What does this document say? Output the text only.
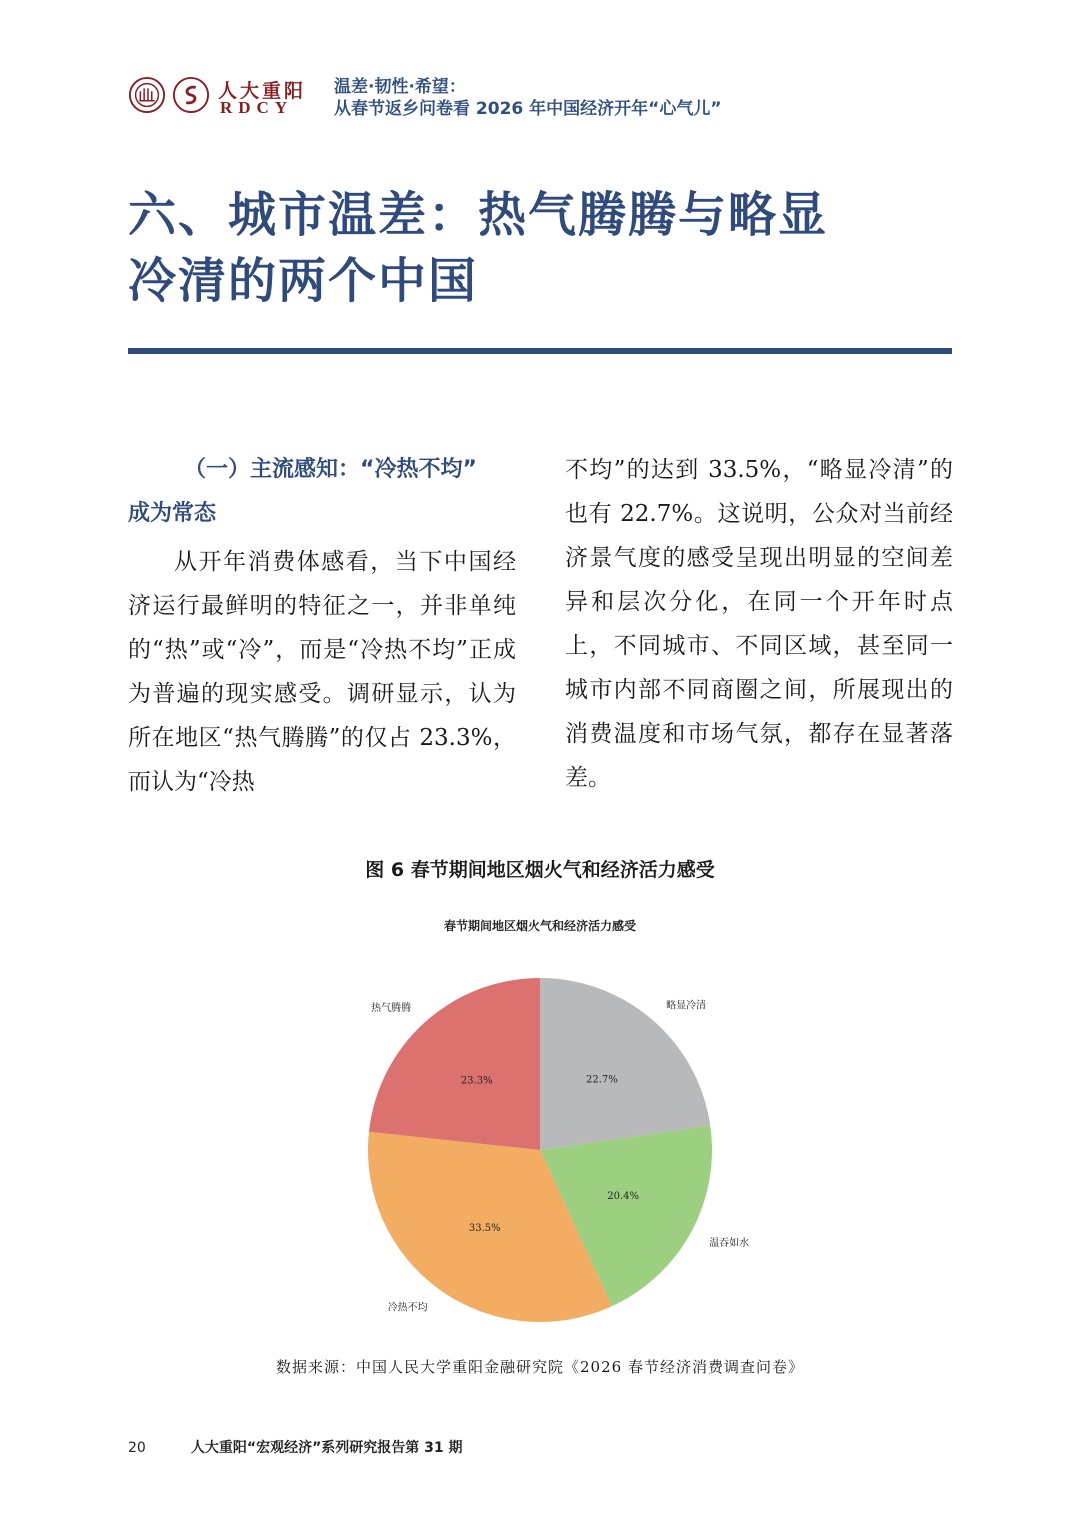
人大重阳
RDCY
温差·韧性·希望：
从春节返乡问卷看 2026 年中国经济开年“心气儿”
六、城市温差：热气腾腾与略显
冷清的两个中国
（一）主流感知：“冷热不均”
成为常态
从开年消费体感看，当下中国经济运行最鲜明的特征之一，并非单纯的“热”或“冷”，而是“冷热不均”正成为普遍的现实感受。调研显示，认为所在地区“热气腾腾”的仅占 23.3%，而认为“冷热
不均”的达到 33.5%，“略显冷清”的也有 22.7%。这说明，公众对当前经济景气度的感受呈现出明显的空间差异和层次分化，在同一个开年时点上，不同城市、不同区域，甚至同一城市内部不同商圈之间，所展现出的消费温度和市场气氛，都存在显著落差。
图 6 春节期间地区烟火气和经济活力感受
春节期间地区烟火气和经济活力感受
22.7%
略显冷清
20.4%
温吞如水
33.5%
冷热不均
23.3%
热气腾腾
数据来源：中国人民大学重阳金融研究院《2026 春节经济消费调查问卷》
20	人大重阳“宏观经济”系列研究报告第 31 期
